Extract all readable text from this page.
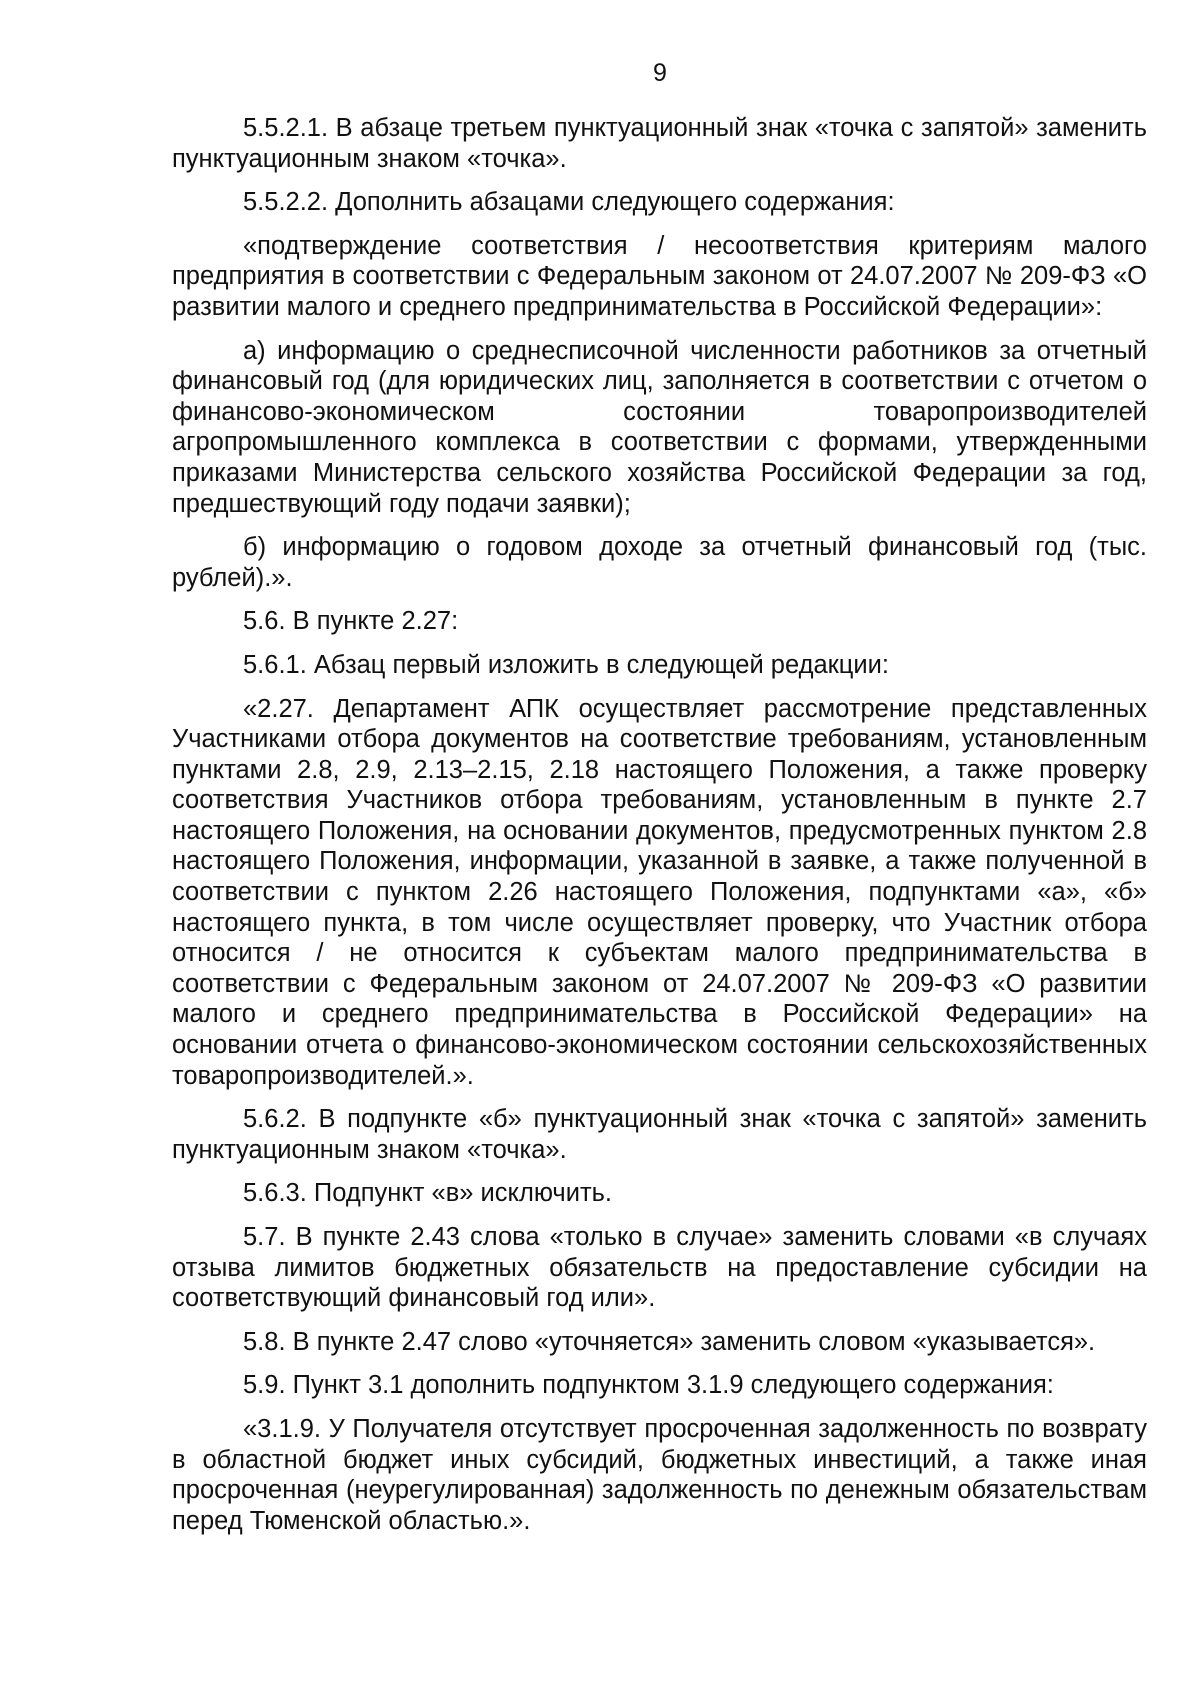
9

5.5.2.1. В абзаце третьем пунктуационный знак «точка с запятой» заменить пунктуационным знаком «точка».

5.5.2.2. Дополнить абзацами следующего содержания:

«подтверждение соответствия / несоответствия критериям малого предприятия в соответствии с Федеральным законом от 24.07.2007 № 209-ФЗ «О развитии малого и среднего предпринимательства в Российской Федерации»:

а) информацию о среднесписочной численности работников за отчетный финансовый год (для юридических лиц, заполняется в соответствии с отчетом о финансово-экономическом состоянии товаропроизводителей агропромышленного комплекса в соответствии с формами, утвержденными приказами Министерства сельского хозяйства Российской Федерации за год, предшествующий году подачи заявки);

б) информацию о годовом доходе за отчетный финансовый год (тыс. рублей).».

5.6. В пункте 2.27:

5.6.1. Абзац первый изложить в следующей редакции:

«2.27. Департамент АПК осуществляет рассмотрение представленных Участниками отбора документов на соответствие требованиям, установленным пунктами 2.8, 2.9, 2.13–2.15, 2.18 настоящего Положения, а также проверку соответствия Участников отбора требованиям, установленным в пункте 2.7 настоящего Положения, на основании документов, предусмотренных пунктом 2.8 настоящего Положения, информации, указанной в заявке, а также полученной в соответствии с пунктом 2.26 настоящего Положения, подпунктами «а», «б» настоящего пункта, в том числе осуществляет проверку, что Участник отбора относится / не относится к субъектам малого предпринимательства в соответствии с Федеральным законом от 24.07.2007 № 209-ФЗ «О развитии малого и среднего предпринимательства в Российской Федерации» на основании отчета о финансово-экономическом состоянии сельскохозяйственных товаропроизводителей.».

5.6.2. В подпункте «б» пунктуационный знак «точка с запятой» заменить пунктуационным знаком «точка».

5.6.3. Подпункт «в» исключить.

5.7. В пункте 2.43 слова «только в случае» заменить словами «в случаях отзыва лимитов бюджетных обязательств на предоставление субсидии на соответствующий финансовый год или».

5.8. В пункте 2.47 слово «уточняется» заменить словом «указывается».

5.9. Пункт 3.1 дополнить подпунктом 3.1.9 следующего содержания:

«3.1.9. У Получателя отсутствует просроченная задолженность по возврату в областной бюджет иных субсидий, бюджетных инвестиций, а также иная просроченная (неурегулированная) задолженность по денежным обязательствам перед Тюменской областью.».
